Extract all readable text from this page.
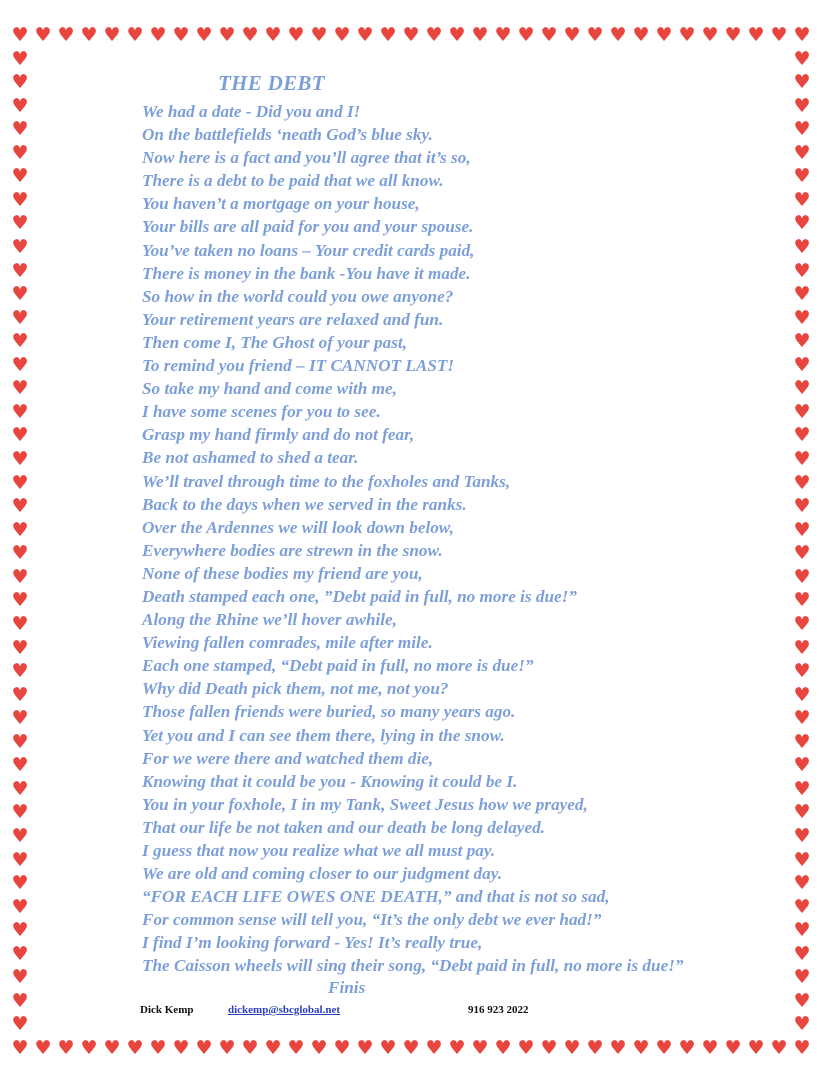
♥
♥
♥
♥
♥
♥
♥
♥
♥
♥
♥
♥
♥
♥
♥
♥
♥
♥
♥
♥
♥
♥
♥
♥
♥
♥
♥
♥
♥
♥
♥
♥
♥
♥
♥
♥
♥
♥
♥
♥
♥
♥
♥
♥
♥
♥
♥
♥
♥
♥
♥
♥
♥
♥
♥
♥
♥
♥
♥
♥
♥
♥
♥
♥
♥
♥
♥
♥
♥
♥
♥	♥
♥	♥
♥	♥
♥	♥
♥	♥
♥	♥
♥	♥
♥	♥
♥	♥
♥	♥
♥	♥
♥	♥
♥	♥
♥	♥
♥	♥
♥	♥
♥	♥
♥	♥
♥	♥
♥	♥
♥	♥
♥	♥
♥	♥
♥	♥
♥	♥
♥	♥
♥	♥
♥	♥
♥	♥
♥	♥
♥	♥
♥	♥
♥	♥
♥	♥
♥	♥
♥	♥
♥	♥
♥	♥
♥	♥
♥	♥
♥	♥
♥	♥
THE DEBT
We had a date - Did you and I!
On the battlefields ‘neath God’s blue sky.
Now here is a fact and you’ll agree that it’s so,
There is a debt to be paid that we all know.
You haven’t a mortgage on your house,
Your bills are all paid for you and your spouse.
You’ve taken no loans – Your credit cards paid,
There is money in the bank -You have it made.
So how in the world could you owe anyone?
Your retirement years are relaxed and fun.
Then come I, The Ghost of your past,
To remind you friend – IT CANNOT LAST!
So take my hand and come with me,
I have some scenes for you to see.
Grasp my hand firmly and do not fear,
Be not ashamed to shed a tear.
We’ll travel through time to the foxholes and Tanks,
Back to the days when we served in the ranks.
Over the Ardennes we will look down below,
Everywhere bodies are strewn in the snow.
None of these bodies my friend are you,
Death stamped each one, ”Debt paid in full, no more is due!”
Along the Rhine we’ll hover awhile,
Viewing fallen comrades, mile after mile.
Each one stamped, “Debt paid in full, no more is due!”
Why did Death pick them, not me, not you?
Those fallen friends were buried, so many years ago.
Yet you and I can see them there, lying in the snow.
For we were there and watched them die,
Knowing that it could be you - Knowing it could be I.
You in your foxhole, I in my Tank, Sweet Jesus how we prayed,
That our life be not taken and our death be long delayed.
I guess that now you realize what we all must pay.
We are old and coming closer to our judgment day.
“FOR EACH LIFE OWES ONE DEATH,” and that is not so sad,
For common sense will tell you, “It’s the only debt we ever had!”
I find I’m looking forward - Yes! It’s really true,
The Caisson wheels will sing their song, “Debt paid in full, no more is due!”
Finis
Dick Kemp	dickemp@sbcglobal.net	916 923 2022
